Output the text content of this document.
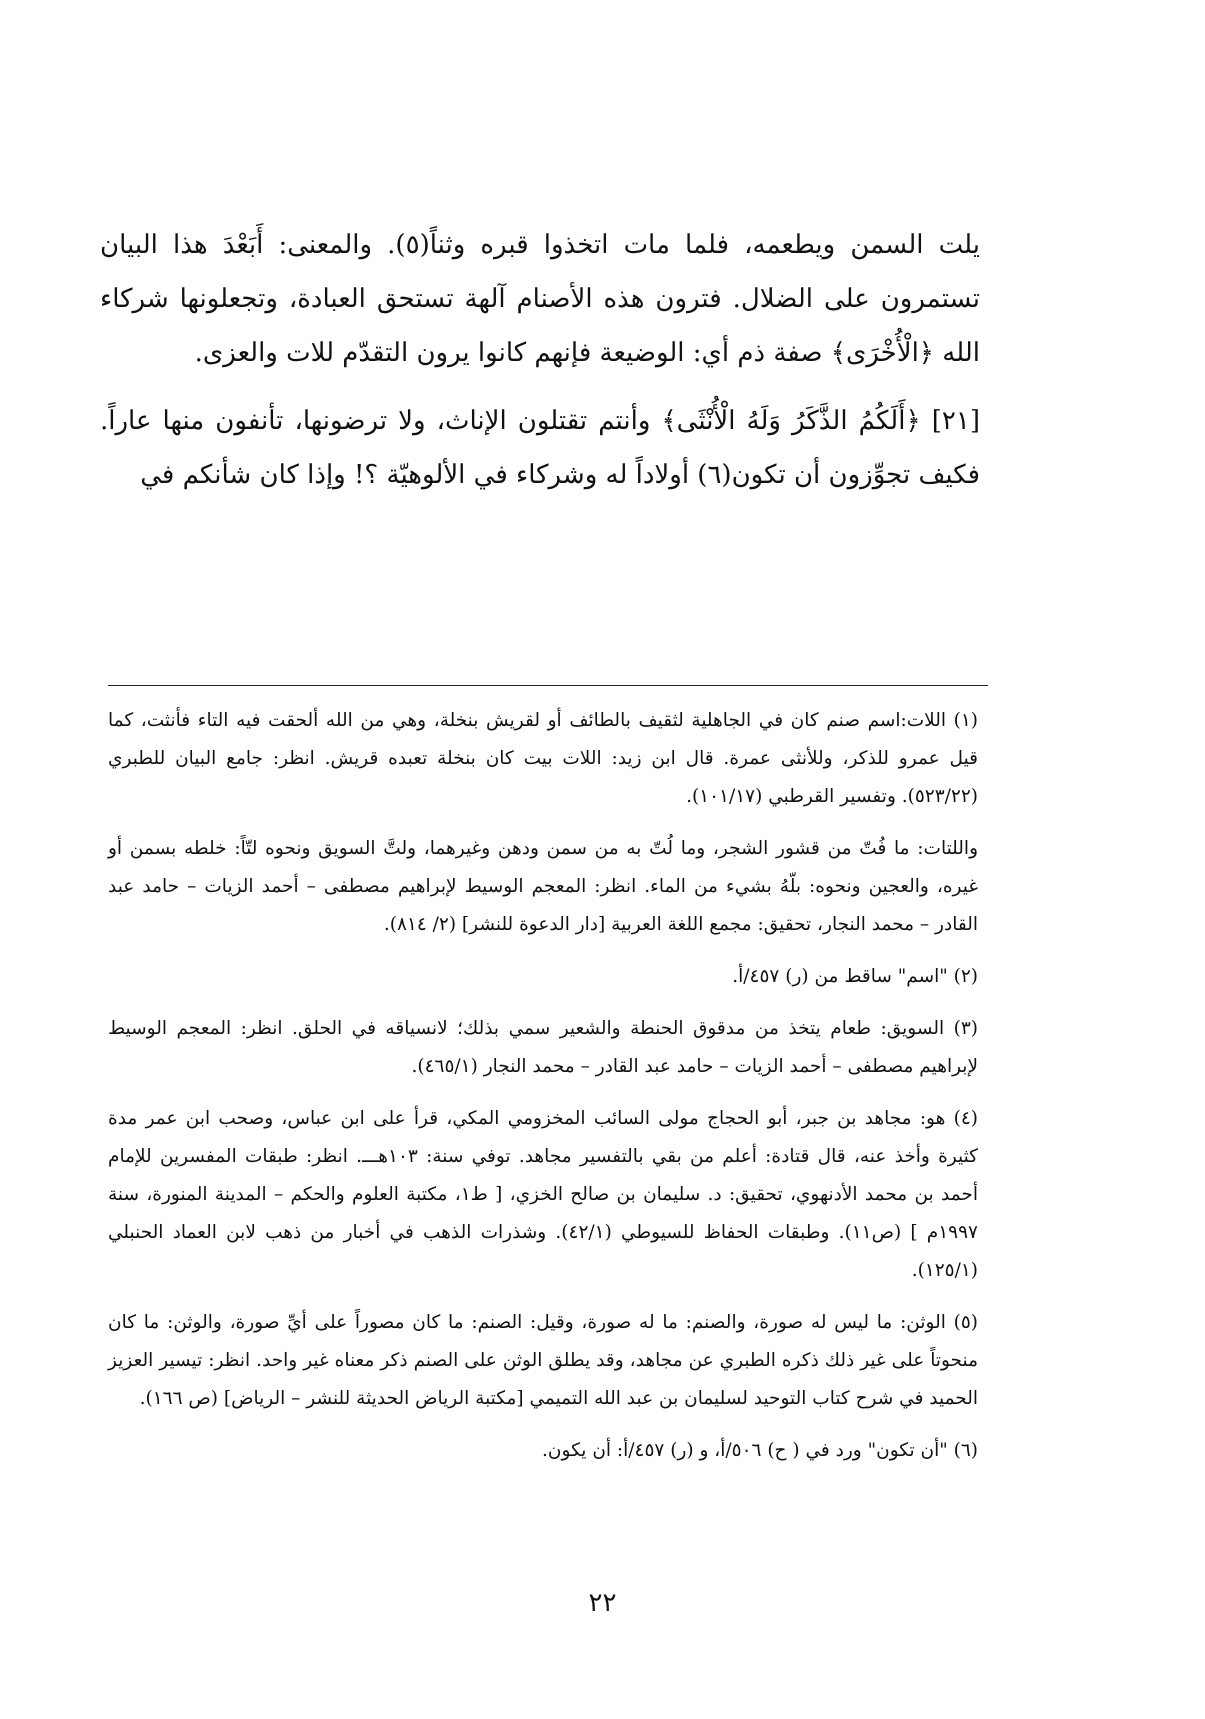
يلت السمن ويطعمه، فلما مات اتخذوا قبره وثناً(٥). والمعنى: أَبَعْدَ هذا البيان تستمرون على الضلال. فترون هذه الأصنام آلهة تستحق العبادة، وتجعلونها شركاء الله ﴿الْأُخْرَى﴾ صفة ذم أي: الوضيعة فإنهم كانوا يرون التقدّم للات والعزى.

[٢١] ﴿أَلَكُمُ الذَّكَرُ وَلَهُ الْأُنْثَى﴾ وأنتم تقتلون الإناث، ولا ترضونها، تأنفون منها عاراً. فكيف تجوِّزون أن تكون(٦) أولاداً له وشركاء في الألوهيّة ؟! وإذا كان شأنكم في

(١) اللات:اسم صنم كان في الجاهلية لثقيف بالطائف أو لقريش بنخلة، وهي من الله ألحقت فيه التاء فأنثت، كما قيل عمرو للذكر، وللأنثى عمرة. قال ابن زيد: اللات بيت كان بنخلة تعبده قريش. انظر: جامع البيان للطبري (٥٢٣/٢٢). وتفسير القرطبي (١٠١/١٧).

واللتات: ما فُتّ من قشور الشجر، وما لُتّ به من سمن ودهن وغيرهما، ولتَّ السويق ونحوه لتّاً: خلطه بسمن أو غيره، والعجين ونحوه: بلّهُ بشيء من الماء. انظر: المعجم الوسيط لإبراهيم مصطفى – أحمد الزيات – حامد عبد القادر – محمد النجار، تحقيق: مجمع اللغة العربية [دار الدعوة للنشر] (٢/ ٨١٤).

(٢) "اسم" ساقط من (ر) ٤٥٧/أ.

(٣) السويق: طعام يتخذ من مدقوق الحنطة والشعير سمي بذلك؛ لانسياقه في الحلق. انظر: المعجم الوسيط لإبراهيم مصطفى – أحمد الزيات – حامد عبد القادر – محمد النجار (٤٦٥/١).

(٤) هو: مجاهد بن جبر، أبو الحجاج مولى السائب المخزومي المكي، قرأ على ابن عباس، وصحب ابن عمر مدة كثيرة وأخذ عنه، قال قتادة: أعلم من بقي بالتفسير مجاهد. توفي سنة: ١٠٣هـــ. انظر: طبقات المفسرين للإمام أحمد بن محمد الأدنهوي، تحقيق: د. سليمان بن صالح الخزي، [ ط١، مكتبة العلوم والحكم – المدينة المنورة، سنة ١٩٩٧م ] (ص١١). وطبقات الحفاظ للسيوطي (٤٢/١). وشذرات الذهب في أخبار من ذهب لابن العماد الحنبلي (١٢٥/١).

(٥) الوثن: ما ليس له صورة، والصنم: ما له صورة، وقيل: الصنم: ما كان مصوراً على أيِّ صورة، والوثن: ما كان منحوتاً على غير ذلك ذكره الطبري عن مجاهد، وقد يطلق الوثن على الصنم ذكر معناه غير واحد. انظر: تيسير العزيز الحميد في شرح كتاب التوحيد لسليمان بن عبد الله التميمي [مكتبة الرياض الحديثة للنشر – الرياض] (ص ١٦٦).

(٦) "أن تكون" ورد في ( ح) ٥٠٦/أ، و (ر) ٤٥٧/أ: أن يكون.

٢٢
